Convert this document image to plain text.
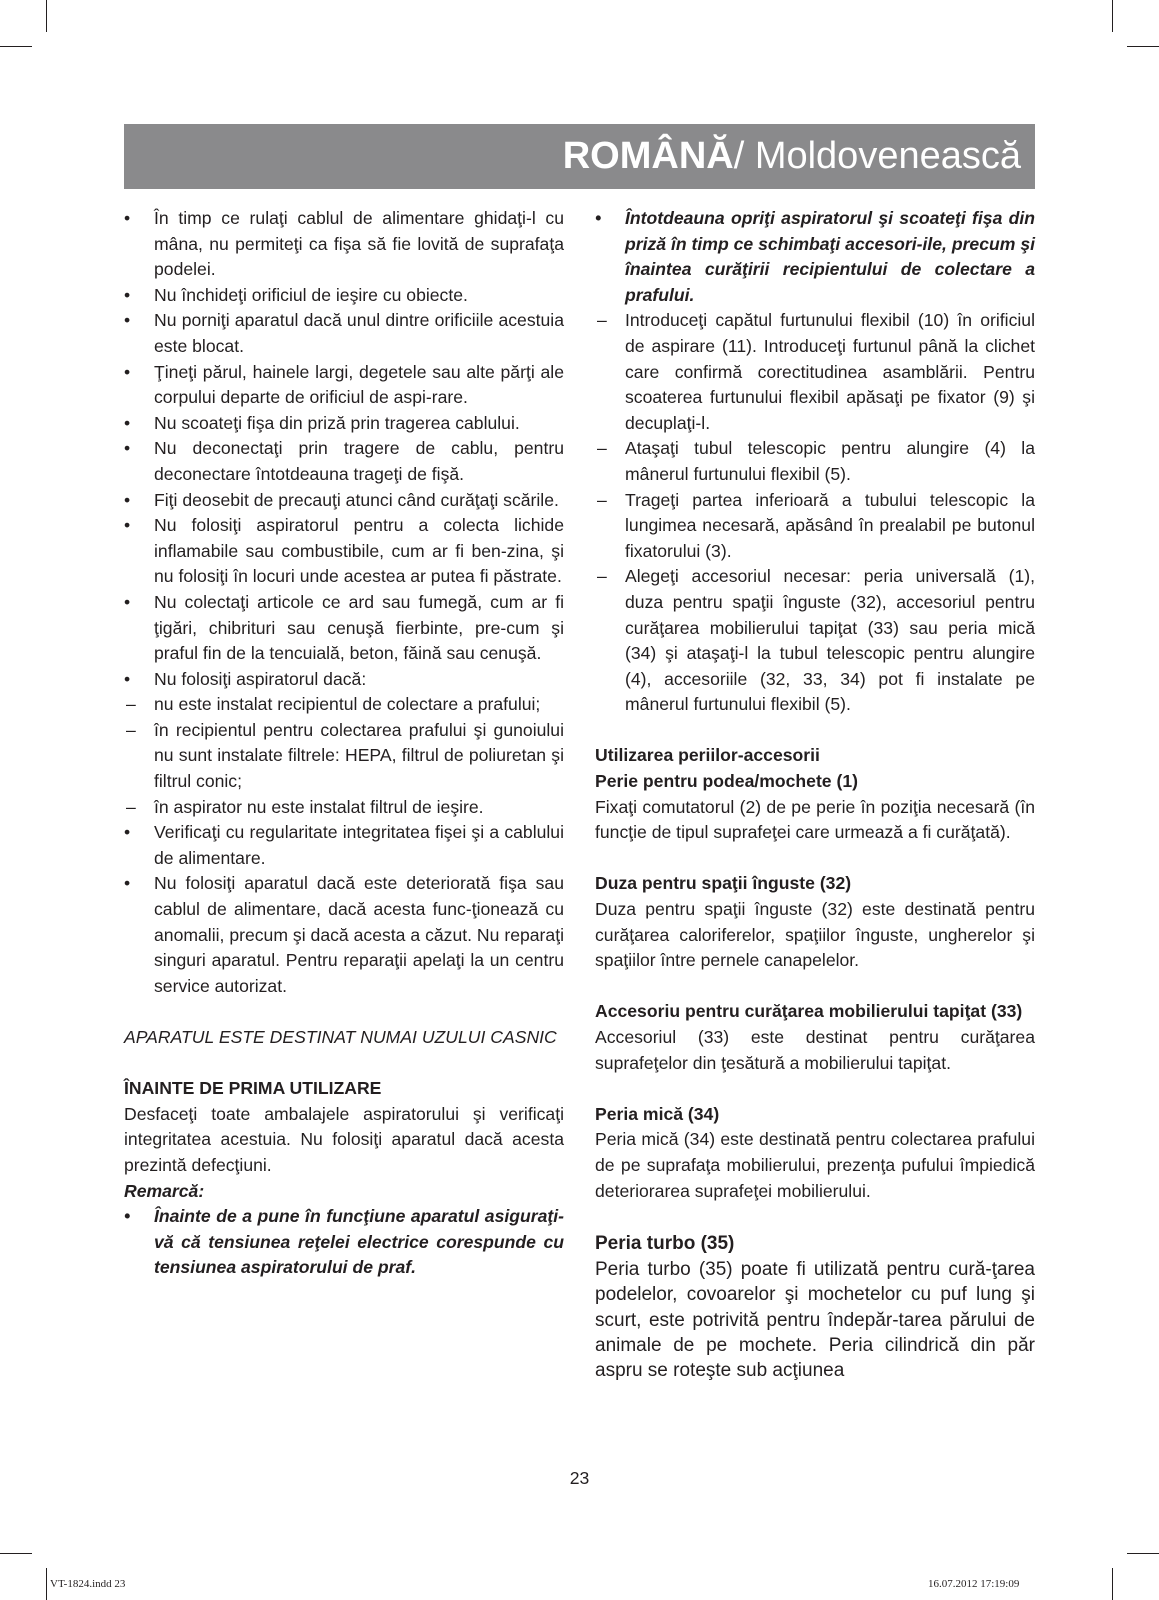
ROMÂNĂ/ Moldovenească
• În timp ce rulaţi cablul de alimentare ghidaţi-l cu mâna, nu permiteţi ca fişa să fie lovită de suprafaţa podelei.
• Nu închideţi orificiul de ieşire cu obiecte.
• Nu porniţi aparatul dacă unul dintre orificiile acestuia este blocat.
• Ţineţi părul, hainele largi, degetele sau alte părţi ale corpului departe de orificiul de aspi-rare.
• Nu scoateţi fişa din priză prin tragerea cablului.
• Nu deconectaţi prin tragere de cablu, pentru deconectare întotdeauna trageţi de fişă.
• Fiţi deosebit de precauţi atunci când curăţaţi scările.
• Nu folosiţi aspiratorul pentru a colecta lichide inflamabile sau combustibile, cum ar fi ben-zina, şi nu folosiţi în locuri unde acestea ar putea fi păstrate.
• Nu colectaţi articole ce ard sau fumegă, cum ar fi ţigări, chibrituri sau cenuşă fierbinte, pre-cum şi praful fin de la tencuială, beton, făină sau cenuşă.
• Nu folosiţi aspiratorul dacă:
– nu este instalat recipientul de colectare a prafului;
– în recipientul pentru colectarea prafului şi gunoiului nu sunt instalate filtrele: HEPA, filtrul de poliuretan şi filtrul conic;
– în aspirator nu este instalat filtrul de ieşire.
• Verificaţi cu regularitate integritatea fişei şi a cablului de alimentare.
• Nu folosiţi aparatul dacă este deteriorată fişa sau cablul de alimentare, dacă acesta func-ţionează cu anomalii, precum şi dacă acesta a căzut. Nu reparaţi singuri aparatul. Pentru reparaţii apelaţi la un centru service autorizat.
APARATUL ESTE DESTINAT NUMAI UZULUI CASNIC
ÎNAINTE DE PRIMA UTILIZARE
Desfaceţi toate ambalajele aspiratorului şi verificaţi integritatea acestuia. Nu folosiţi aparatul dacă acesta prezintă defecţiuni.
Remarcă:
• Înainte de a pune în funcţiune aparatul asiguraţi-vă că tensiunea reţelei electrice corespunde cu tensiunea aspiratorului de praf.
• Întotdeauna opriţi aspiratorul şi scoateţi fişa din priză în timp ce schimbaţi accesori-ile, precum şi înaintea curăţirii recipientului de colectare a prafului.
– Introduceţi capătul furtunului flexibil (10) în orificiul de aspirare (11). Introduceţi furtunul până la clichet care confirmă corectitudinea asamblării. Pentru scoaterea furtunului flexibil apăsaţi pe fixator (9) şi decuplaţi-l.
– Ataşaţi tubul telescopic pentru alungire (4) la mânerul furtunului flexibil (5).
– Trageţi partea inferioară a tubului telescopic la lungimea necesară, apăsând în prealabil pe butonul fixatorului (3).
– Alegeţi accesoriul necesar: peria universală (1), duza pentru spaţii înguste (32), accesoriul pentru curăţarea mobilierului tapiţat (33) sau peria mică (34) şi ataşaţi-l la tubul telescopic pentru alungire (4), accesoriile (32, 33, 34) pot fi instalate pe mânerul furtunului flexibil (5).
Utilizarea periilor-accesorii
Perie pentru podea/mochete (1)
Fixaţi comutatorul (2) de pe perie în poziţia necesară (în funcţie de tipul suprafeţei care urmează a fi curăţată).
Duza pentru spaţii înguste (32)
Duza pentru spaţii înguste (32) este destinată pentru curăţarea caloriferelor, spaţiilor înguste, ungherelor şi spaţiilor între pernele canapelelor.
Accesoriu pentru curăţarea mobilierului tapiţat (33)
Accesoriul (33) este destinat pentru curăţarea suprafeţelor din ţesătură a mobilierului tapiţat.
Peria mică (34)
Peria mică (34) este destinată pentru colectarea prafului de pe suprafaţa mobilierului, prezenţa pufului împiedică deteriorarea suprafeţei mobilierului.
Peria turbo (35)
Peria turbo (35) poate fi utilizată pentru cură-ţarea podelelor, covoarelor şi mochetelor cu puf lung şi scurt, este potrivită pentru îndepăr-tarea părului de animale de pe mochete. Peria cilindrică din păr aspru se roteşte sub acţiunea
23
VT-1824.indd 23	16.07.2012 17:19:09
